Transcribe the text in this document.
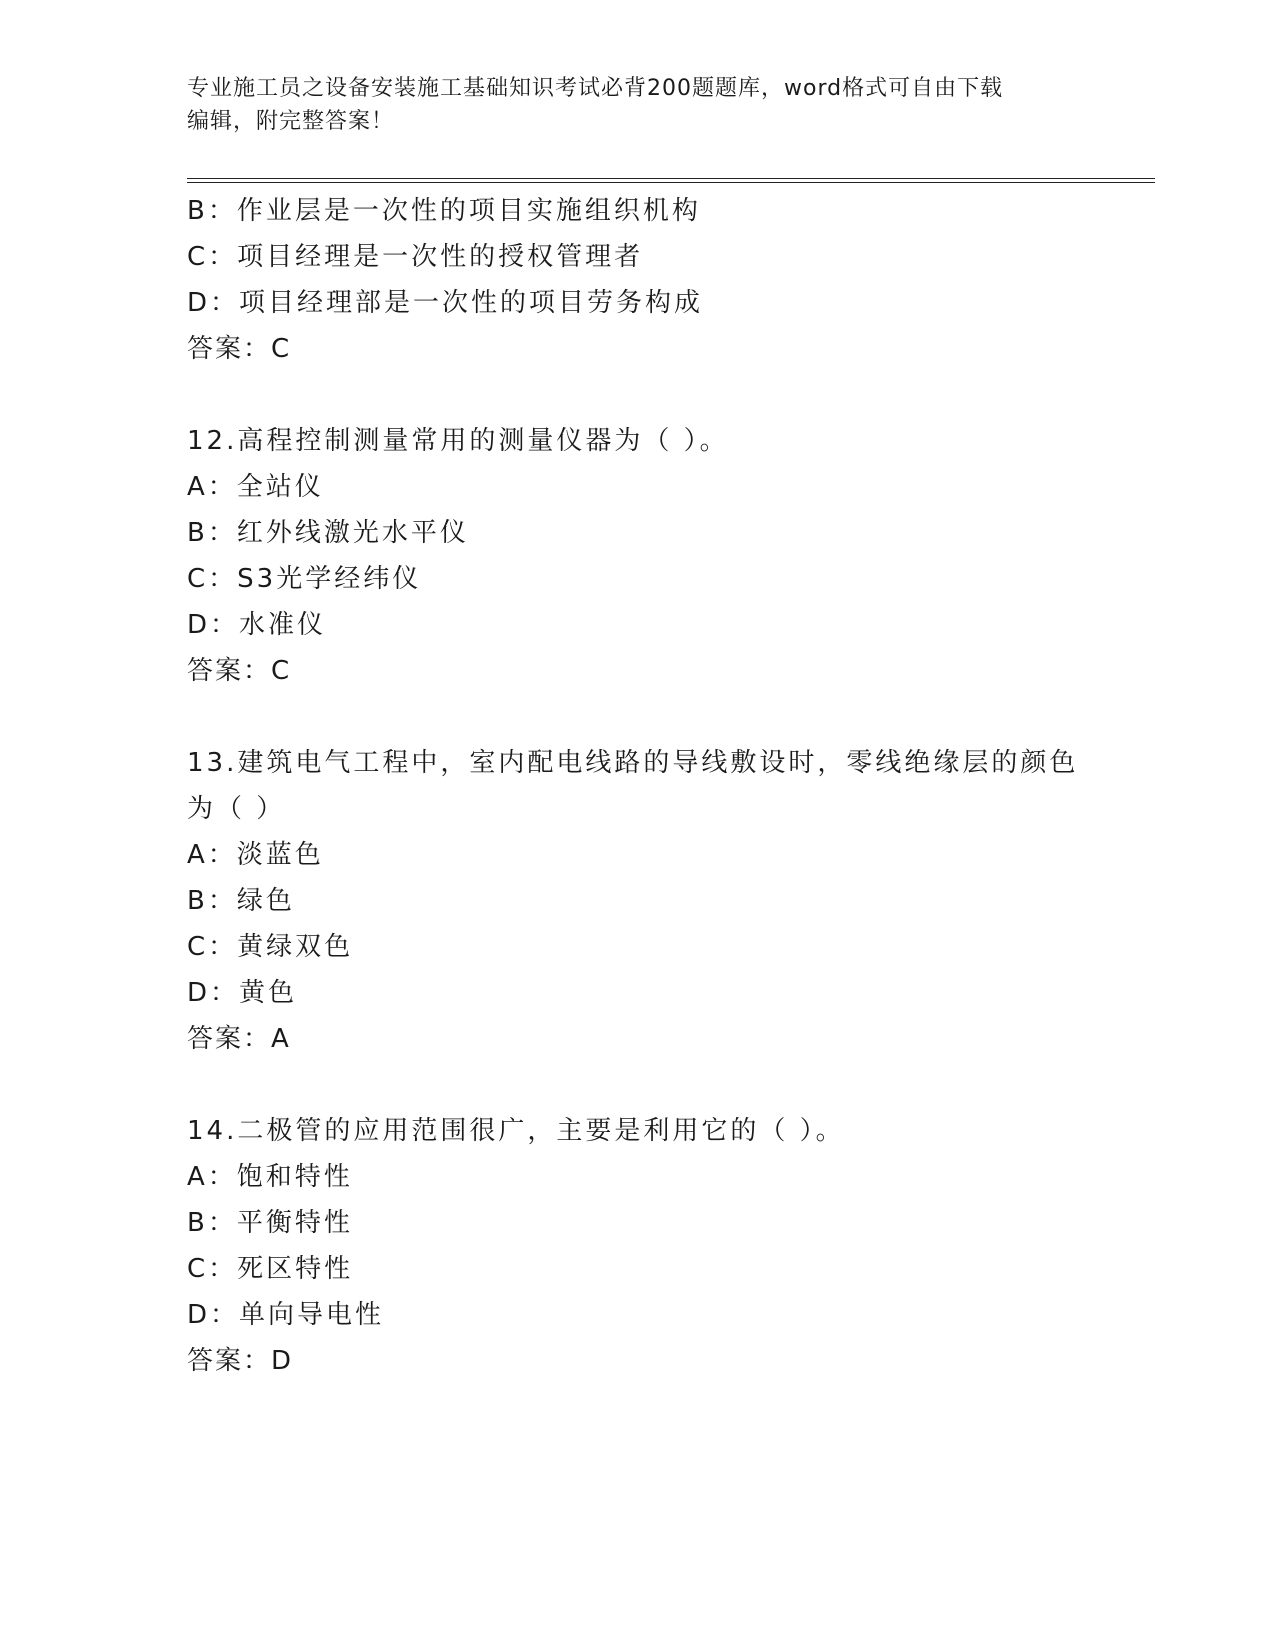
专业施工员之设备安装施工基础知识考试必背200题题库，word格式可自由下载
编辑，附完整答案！
B：作业层是一次性的项目实施组织机构
C：项目经理是一次性的授权管理者
D：项目经理部是一次性的项目劳务构成
答案：C
12.高程控制测量常用的测量仪器为（ ）。
A：全站仪
B：红外线激光水平仪
C：S3光学经纬仪
D：水准仪
答案：C
13.建筑电气工程中，室内配电线路的导线敷设时，零线绝缘层的颜色
为（ ）
A：淡蓝色
B：绿色
C：黄绿双色
D：黄色
答案：A
14.二极管的应用范围很广，主要是利用它的（ ）。
A：饱和特性
B：平衡特性
C：死区特性
D：单向导电性
答案：D
